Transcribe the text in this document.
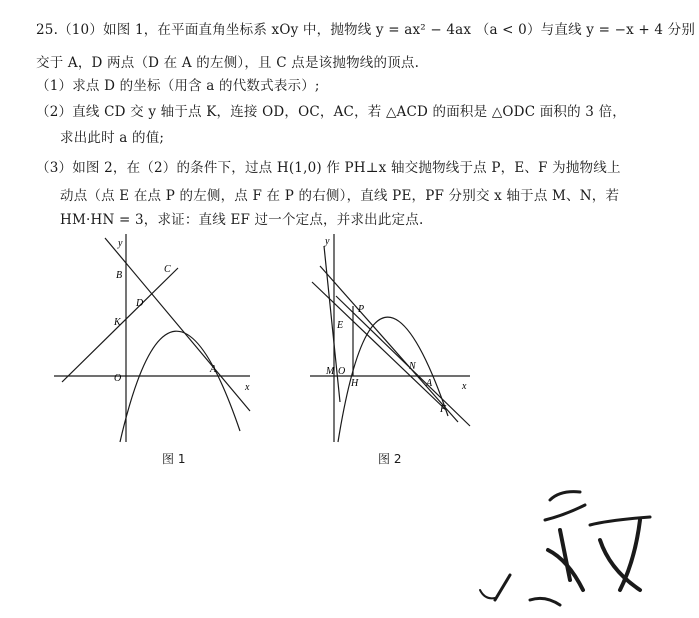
25.（10）如图 1，在平面直角坐标系 xOy 中，抛物线 y = ax² − 4ax （a < 0）与直线 y = −x + 4 分别
交于 A，D 两点（D 在 A 的左侧），且 C 点是该抛物线的顶点.
（1）求点 D 的坐标（用含 a 的代数式表示）;
（2）直线 CD 交 y 轴于点 K，连接 OD，OC，AC，若 △ACD 的面积是 △ODC 面积的 3 倍，
求出此时 a 的值;
（3）如图 2，在（2）的条件下，过点 H(1,0) 作 PH⊥x 轴交抛物线于点 P，E、F 为抛物线上
动点（点 E 在点 P 的左侧，点 F 在 P 的右侧），直线 PE，PF 分别交 x 轴于点 M、N，若
HM·HN = 3，求证：直线 EF 过一个定点，并求出此定点.
y
x
O
A
B
C
D
K
图 1
y
x
O
M
H
N
A
E
F
P
图 2
